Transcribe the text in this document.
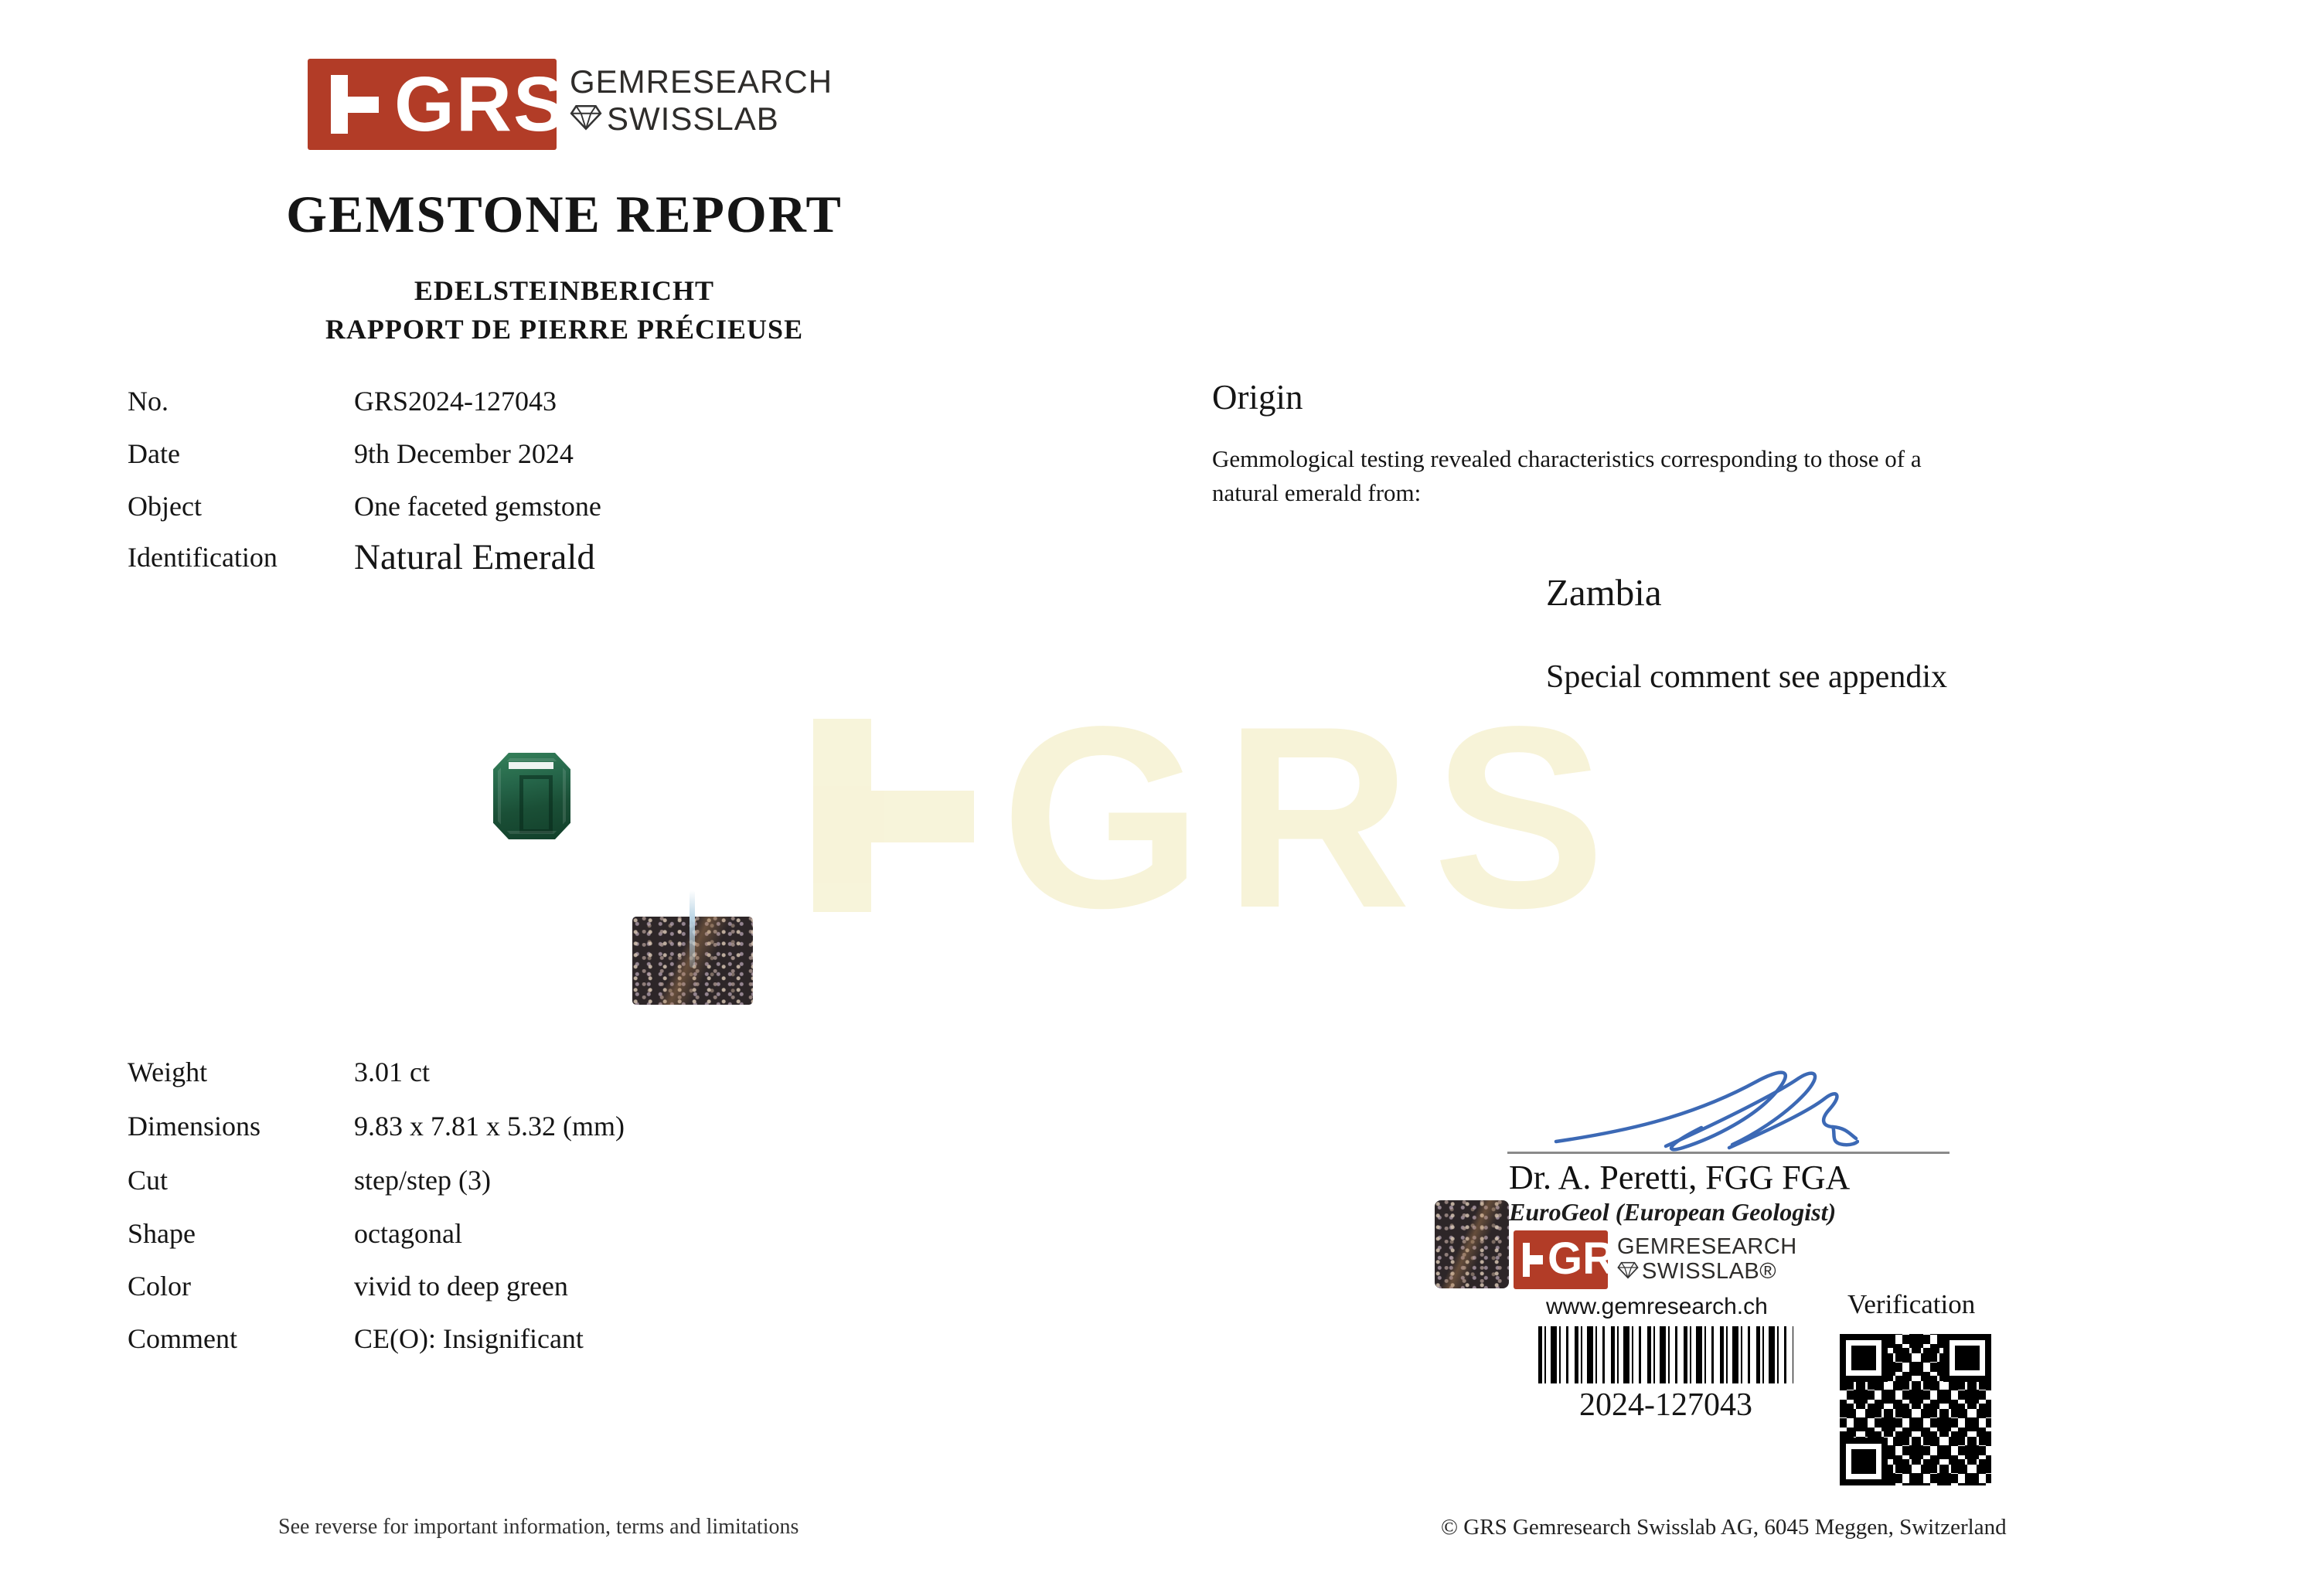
GRS GEMRESEARCH
SWISSLAB
GEMSTONE REPORT
EDELSTEINBERICHT
RAPPORT DE PIERRE PRÉCIEUSE
No.	GRS2024-127043
Date	9th December 2024
Object	One faceted gemstone
Identification Natural Emerald
Origin
Gemmological testing revealed characteristics corresponding to those of a natural emerald from:
Zambia
Special comment see appendix
GRS
Weight	3.01 ct
Dimensions	9.83 x 7.81 x 5.32 (mm)
Cut	step/step (3)
Shape	octagonal
Color	vivid to deep green
Comment	CE(O): Insignificant
Dr. A. Peretti, FGG FGA
EuroGeol (European Geologist)
GRS
GEMRESEARCH
SWISSLAB®
www.gemresearch.ch	Verification
2024-127043
See reverse for important information, terms and limitations	© GRS Gemresearch Swisslab AG, 6045 Meggen, Switzerland
